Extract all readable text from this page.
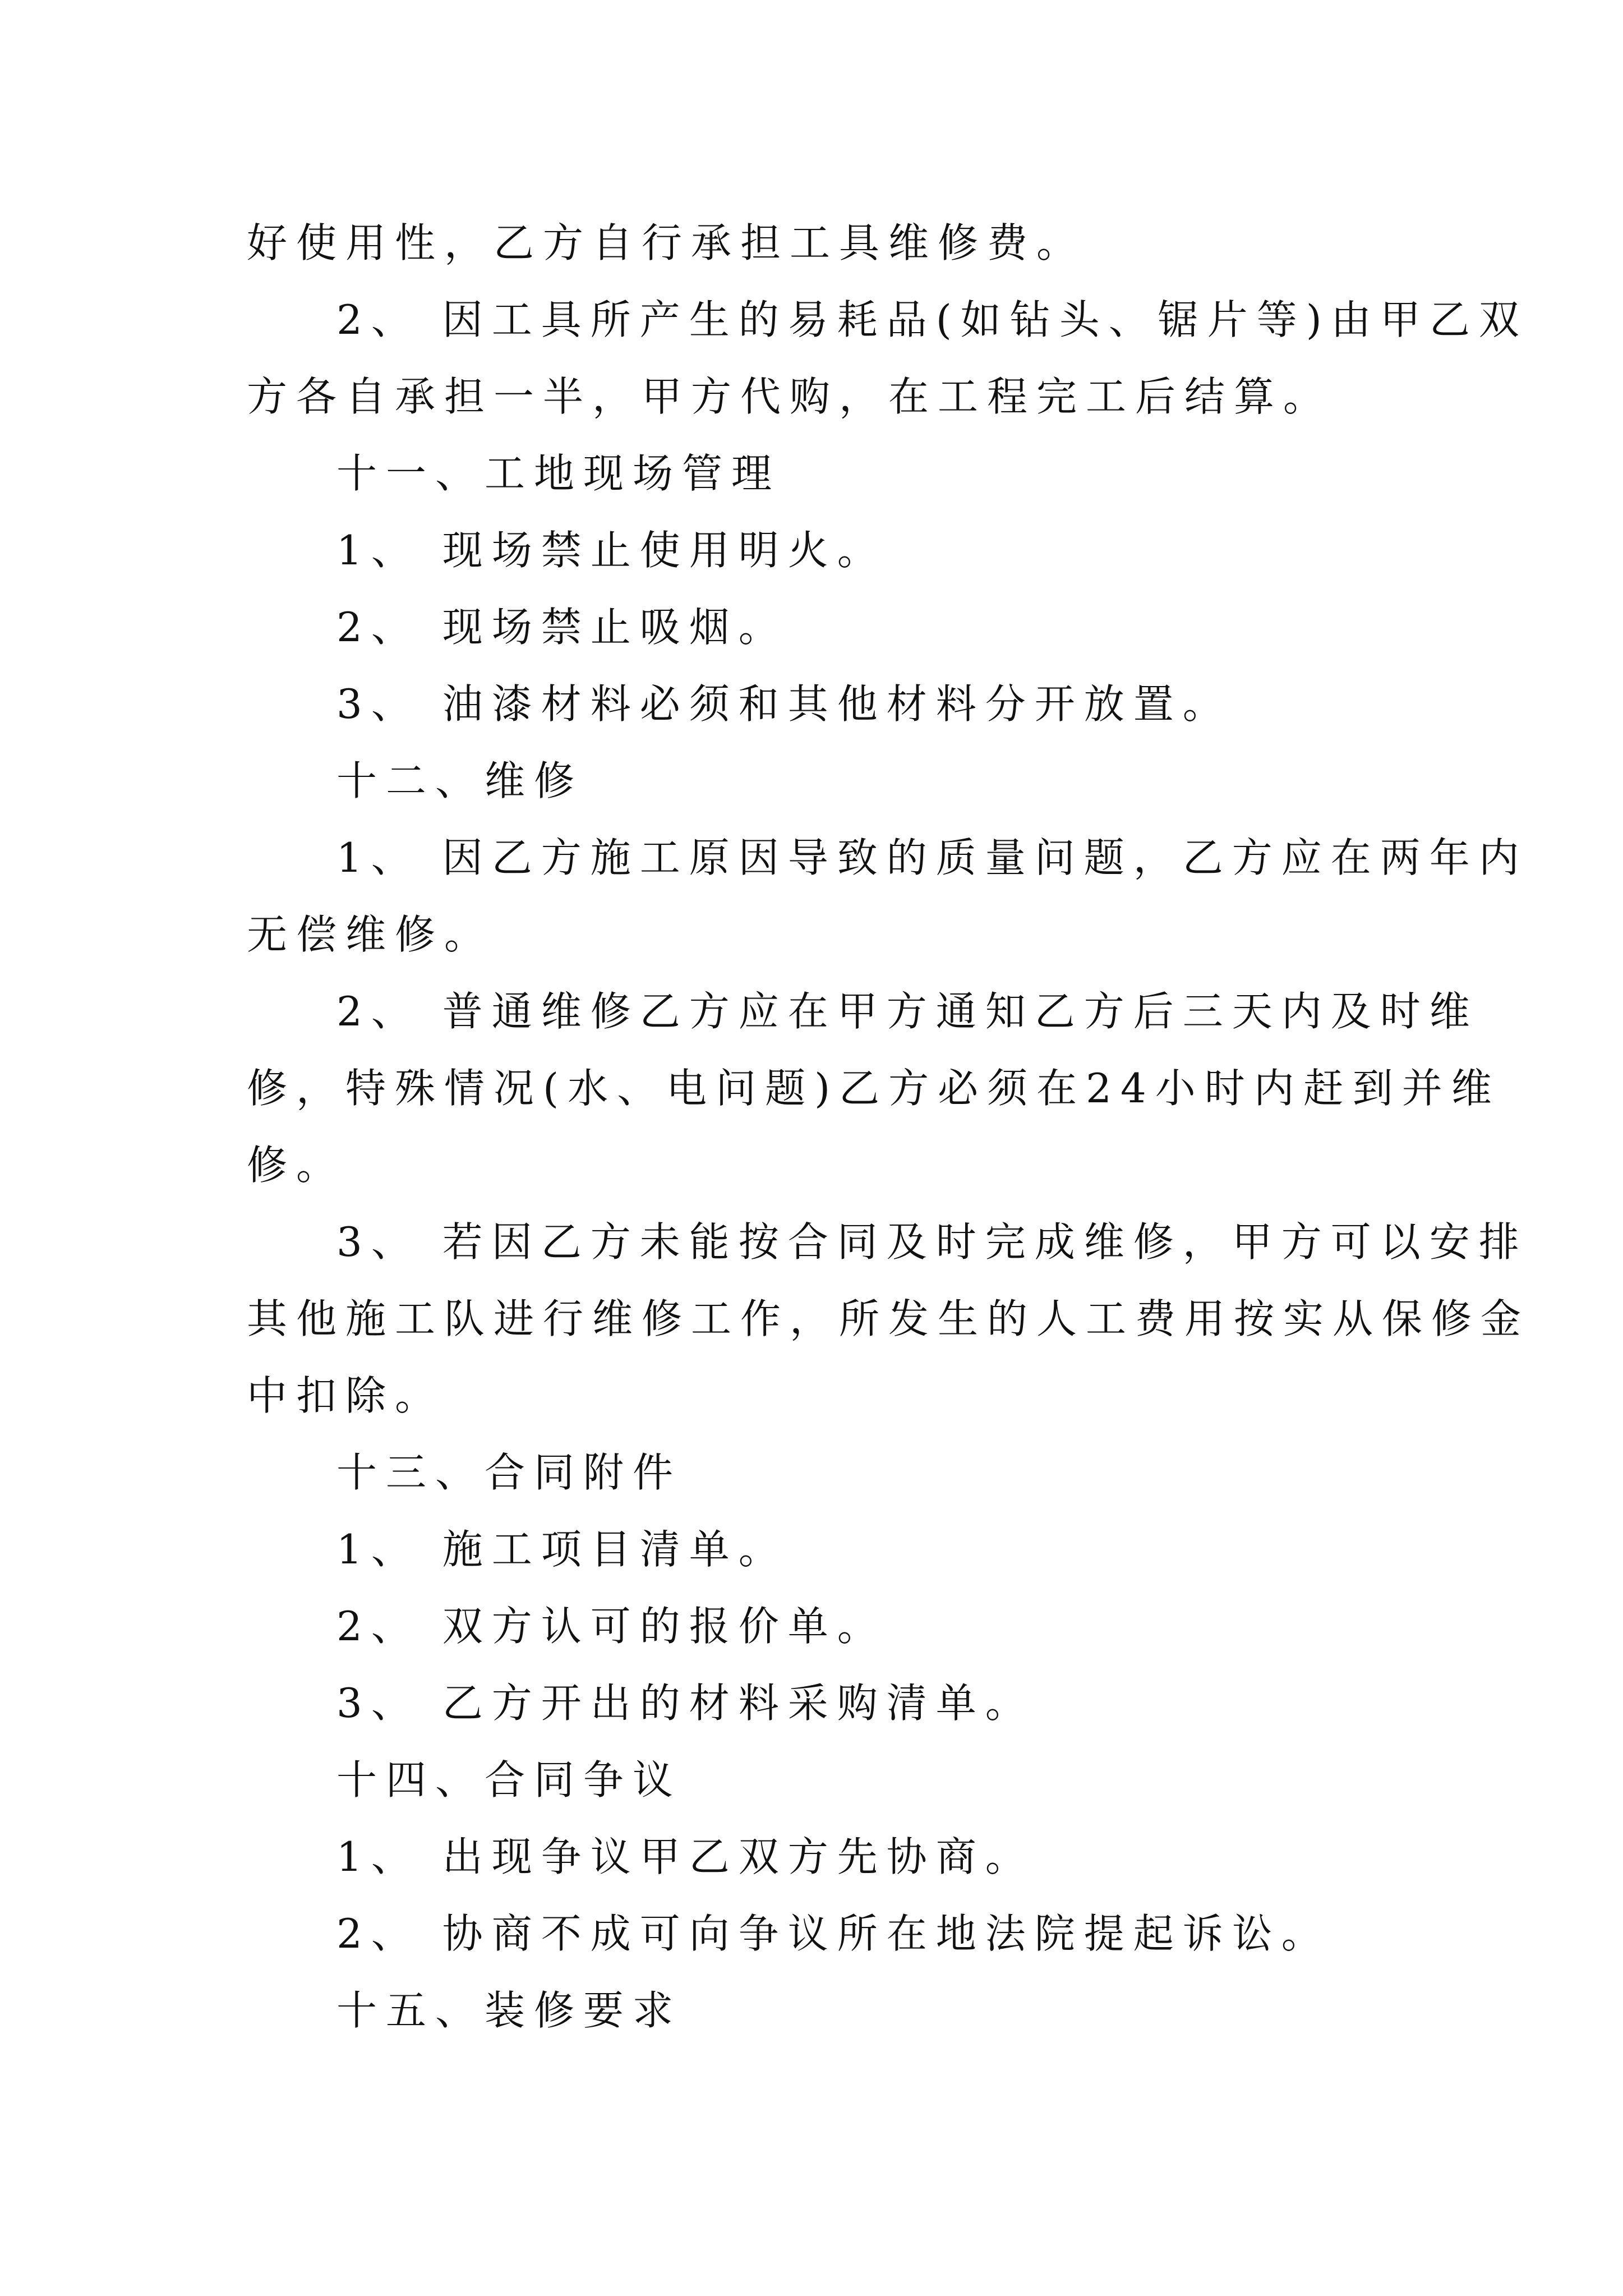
好使用性，乙方自行承担工具维修费。
2、 因工具所产生的易耗品(如钻头、锯片等)由甲乙双
方各自承担一半，甲方代购，在工程完工后结算。
十一、工地现场管理
1、 现场禁止使用明火。
2、 现场禁止吸烟。
3、 油漆材料必须和其他材料分开放置。
十二、维修
1、 因乙方施工原因导致的质量问题，乙方应在两年内
无偿维修。
2、 普通维修乙方应在甲方通知乙方后三天内及时维
修，特殊情况(水、电问题)乙方必须在24小时内赶到并维
修。
3、 若因乙方未能按合同及时完成维修，甲方可以安排
其他施工队进行维修工作，所发生的人工费用按实从保修金
中扣除。
十三、合同附件
1、 施工项目清单。
2、 双方认可的报价单。
3、 乙方开出的材料采购清单。
十四、合同争议
1、 出现争议甲乙双方先协商。
2、 协商不成可向争议所在地法院提起诉讼。
十五、装修要求
